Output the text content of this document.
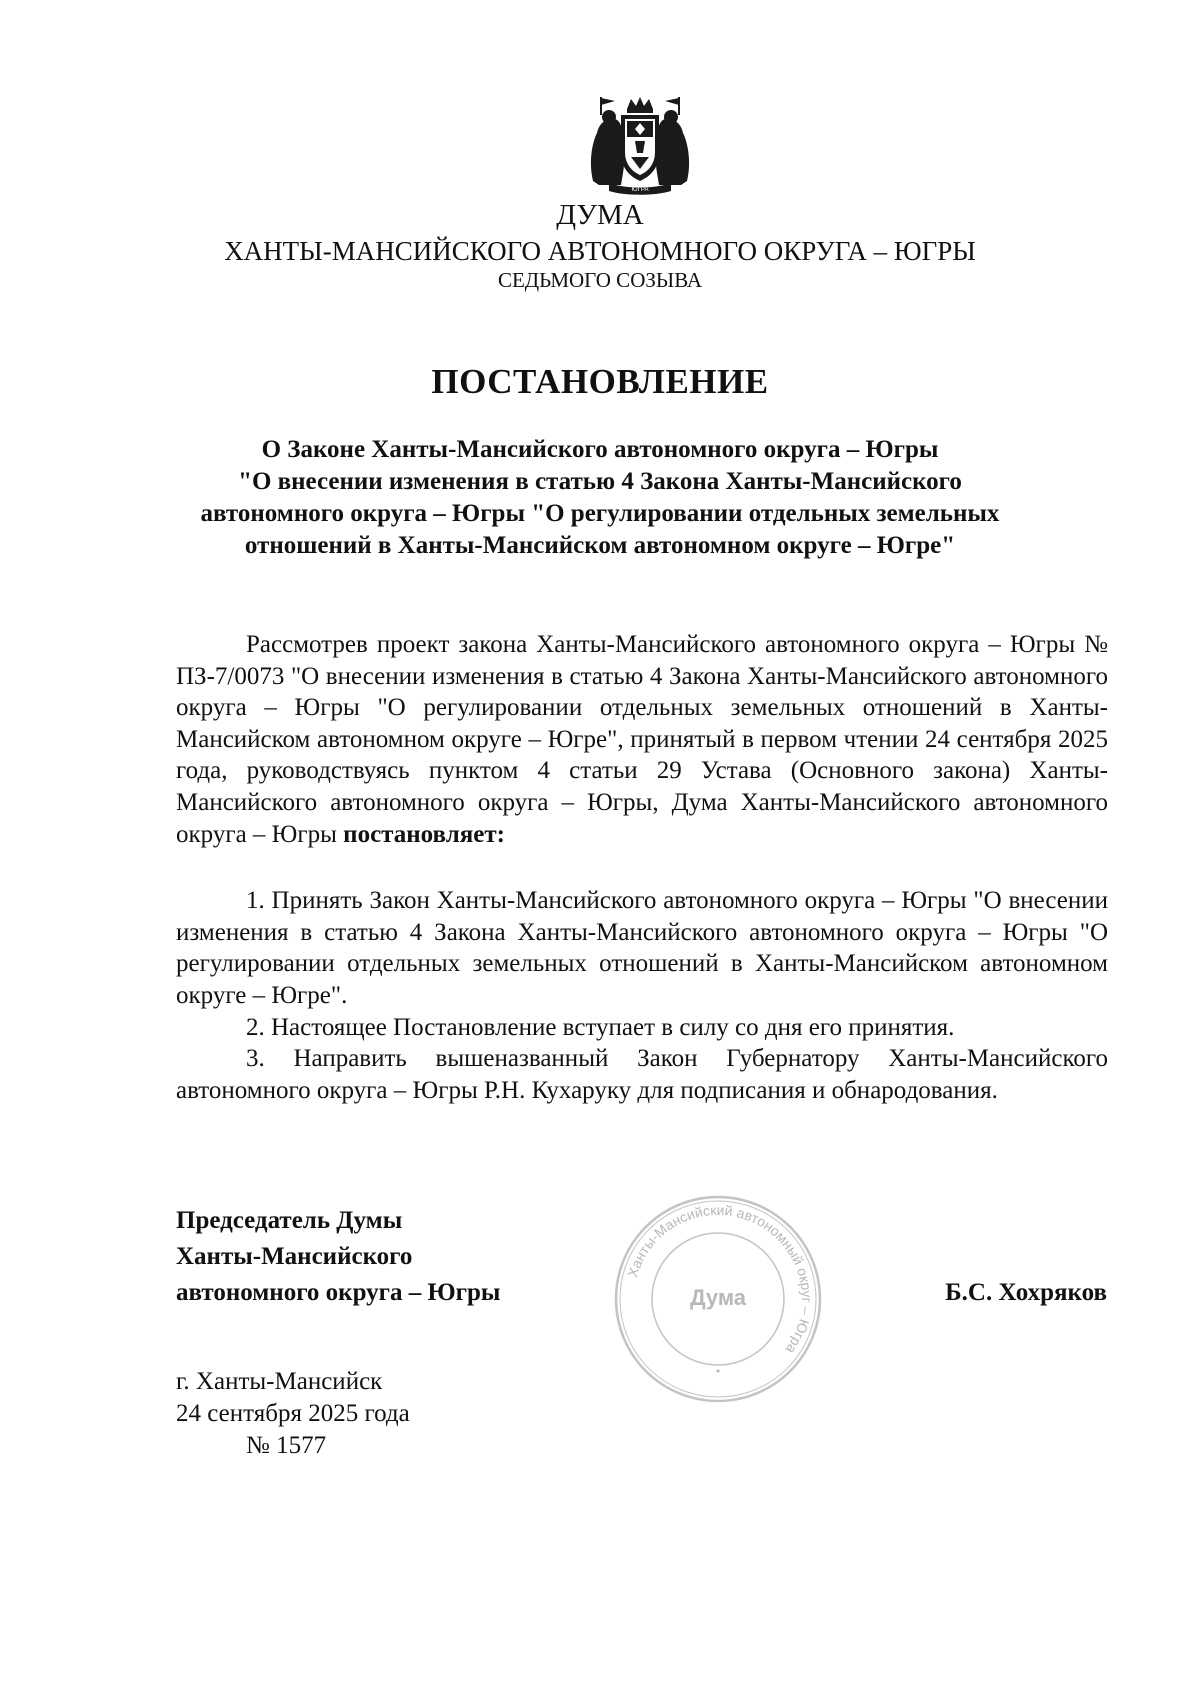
ЮГРА
ДУМА
ХАНТЫ-МАНСИЙСКОГО АВТОНОМНОГО ОКРУГА – ЮГРЫ
СЕДЬМОГО СОЗЫВА
ПОСТАНОВЛЕНИЕ
О Законе Ханты-Мансийского автономного округа – Югры
"О внесении изменения в статью 4 Закона Ханты-Мансийского
автономного округа – Югры "О регулировании отдельных земельных
отношений в Ханты-Мансийском автономном округе – Югре"

Рассмотрев проект закона Ханты-Мансийского автономного округа – Югры № ПЗ-7/0073 "О внесении изменения в статью 4 Закона Ханты-Мансийского автономного округа – Югры "О регулировании отдельных земельных отношений в Ханты-Мансийском автономном округе – Югре", принятый в первом чтении 24 сентября 2025 года, руководствуясь пунктом 4 статьи 29 Устава (Основного закона) Ханты-Мансийского автономного округа – Югры, Дума Ханты-Мансийского автономного округа – Югры постановляет:

1. Принять Закон Ханты-Мансийского автономного округа – Югры "О внесении изменения в статью 4 Закона Ханты-Мансийского автономного округа – Югры "О регулировании отдельных земельных отношений в Ханты-Мансийском автономном округе – Югре".

2. Настоящее Постановление вступает в силу со дня его принятия.

3. Направить вышеназванный Закон Губернатору Ханты-Мансийского автономного округа – Югры Р.Н. Кухаруку для подписания и обнародования.

Председатель Думы
Ханты-Мансийского
автономного округа – Югры	Б.С. Хохряков
Ханты-Мансийский автономный округ – Югра
Дума
г. Ханты-Мансийск
24 сентября 2025 года
№ 1577
